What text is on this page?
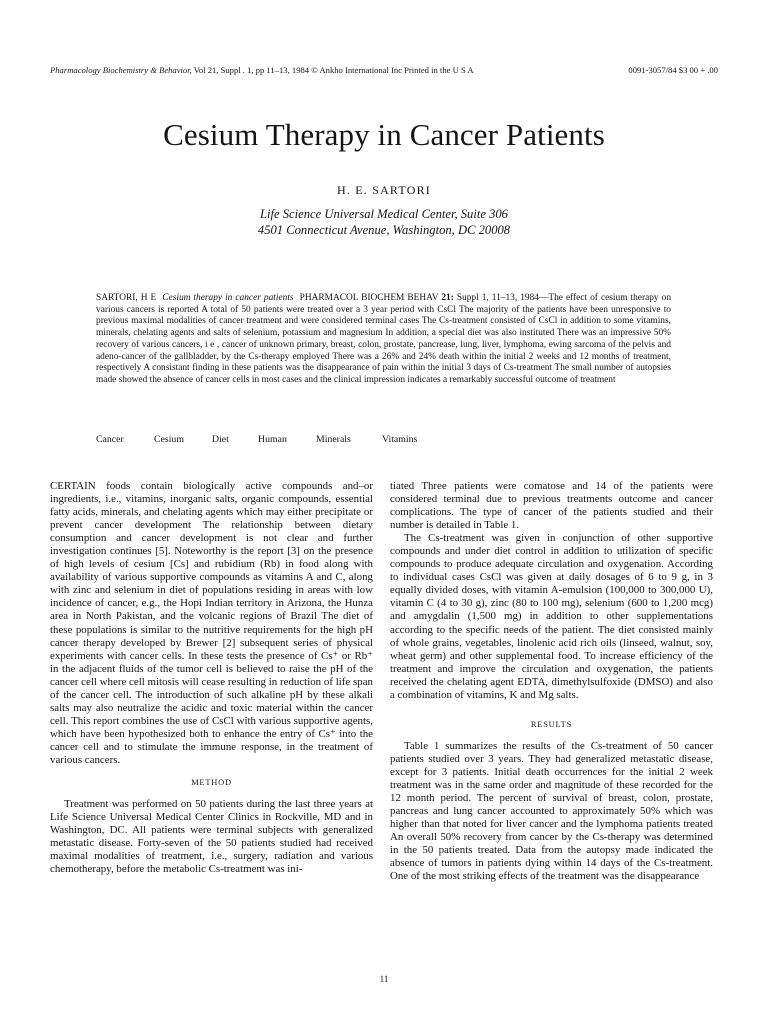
Pharmacology Biochemistry & Behavior, Vol 21, Suppl . 1, pp 11–13, 1984 © Ankho International Inc Printed in the U S A	0091-3057/84 $3 00 + .00
Cesium Therapy in Cancer Patients
H. E. SARTORI
Life Science Universal Medical Center, Suite 306
4501 Connecticut Avenue, Washington, DC 20008
SARTORI, H E Cesium therapy in cancer patients PHARMACOL BIOCHEM BEHAV 21: Suppl 1, 11–13, 1984—The effect of cesium therapy on various cancers is reported A total of 50 patients were treated over a 3 year period with CsCl The majority of the patients have been unresponsive to previous maximal modalities of cancer treatment and were considered terminal cases The Cs-treatment consisted of CsCl in addition to some vitamins, minerals, chelating agents and salts of selenium, potassium and magnesium In addition, a special diet was also instituted There was an impressive 50% recovery of various cancers, i e , cancer of unknown primary, breast, colon, prostate, pancrease, lung, liver, lymphoma, ewing sarcoma of the pelvis and adeno-cancer of the gallbladder, by the Cs-therapy employed There was a 26% and 24% death within the initial 2 weeks and 12 months of treatment, respectively A consistant finding in these patients was the disappearance of pain within the initial 3 days of Cs-treatment The small number of autopsies made showed the absence of cancer cells in most cases and the clinical impression indicates a remarkably successful outcome of treatment
Cancer	Cesium	Diet	Human	Minerals	Vitamins

CERTAIN foods contain biologically active compounds and–or ingredients, i.e., vitamins, inorganic salts, organic compounds, essential fatty acids, minerals, and chelating agents which may either precipitate or prevent cancer development The relationship between dietary consumption and cancer development is not clear and further investigation continues [5]. Noteworthy is the report [3] on the presence of high levels of cesium [Cs] and rubidium (Rb) in food along with availability of various supportive compounds as vitamins A and C, along with zinc and selenium in diet of populations residing in areas with low incidence of cancer, e.g., the Hopi Indian territory in Arizona, the Hunza area in North Pakistan, and the volcanic regions of Brazil The diet of these populations is similar to the nutritive requirements for the high pH cancer therapy developed by Brewer [2] subsequent series of physical experiments with cancer cells. In these tests the presence of Cs⁺ or Rb⁺ in the adjacent fluids of the tumor cell is believed to raise the pH of the cancer cell where cell mitosis will cease resulting in reduction of life span of the cancer cell. The introduction of such alkaline pH by these alkali salts may also neutralize the acidic and toxic material within the cancer cell. This report combines the use of CsCl with various supportive agents, which have been hypothesized both to enhance the entry of Cs⁺ into the cancer cell and to stimulate the immune response, in the treatment of various cancers.

METHOD

Treatment was performed on 50 patients during the last three years at Life Science Universal Medical Center Clinics in Rockville, MD and in Washington, DC. All patients were terminal subjects with generalized metastatic disease. Forty-seven of the 50 patients studied had received maximal modalities of treatment, i.e., surgery, radiation and various chemotherapy, before the metabolic Cs-treatment was ini-

tiated Three patients were comatose and 14 of the patients were considered terminal due to previous treatments outcome and cancer complications. The type of cancer of the patients studied and their number is detailed in Table 1.

The Cs-treatment was given in conjunction of other supportive compounds and under diet control in addition to utilization of specific compounds to produce adequate circulation and oxygenation. According to individual cases CsCl was given at daily dosages of 6 to 9 g, in 3 equally divided doses, with vitamin A-emulsion (100,000 to 300,000 U), vitamin C (4 to 30 g), zinc (80 to 100 mg), selenium (600 to 1,200 mcg) and amygdalin (1,500 mg) in addition to other supplementations according to the specific needs of the patient. The diet consisted mainly of whole grains, vegetables, linolenic acid rich oils (linseed, walnut, soy, wheat germ) and other supplemental food. To increase efficiency of the treatment and improve the circulation and oxygenation, the patients received the chelating agent EDTA, dimethylsulfoxide (DMSO) and also a combination of vitamins, K and Mg salts.

RESULTS

Table 1 summarizes the results of the Cs-treatment of 50 cancer patients studied over 3 years. They had generalized metastatic disease, except for 3 patients. Initial death occurrences for the initial 2 week treatment was in the same order and magnitude of these recorded for the 12 month period. The percent of survival of breast, colon, prostate, pancreas and lung cancer accounted to approximately 50% which was higher than that noted for liver cancer and the lymphoma patients treated An overall 50% recovery from cancer by the Cs-therapy was determined in the 50 patients treated. Data from the autopsy made indicated the absence of tumors in patients dying within 14 days of the Cs-treatment. One of the most striking effects of the treatment was the disappearance

11
